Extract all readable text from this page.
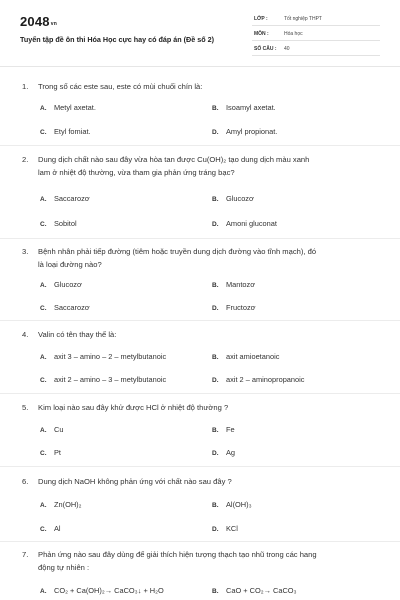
$2048^{vn}$
Tuyển tập đề ôn thi Hóa Học cực hay có đáp án (Đề số 2)
LỚP :	Tốt nghiệp THPT
MÔN :	Hóa học
SỐ CÂU : 40
1. Trong số các este sau, este có mùi chuối chín là:
A. Metyl axetat.	B. Isoamyl axetat.
C. Etyl fomiat.	D. Amyl propionat.
2. Dung dịch chất nào sau đây vừa hòa tan được Cu(OH)₂ tạo dung dịch màu xanh
lam ở nhiệt độ thường, vừa tham gia phản ứng tráng bạc?
A. Saccarozơ	B. Glucozơ
C. Sobitol	D. Amoni gluconat
3. Bệnh nhân phải tiếp đường (tiêm hoặc truyền dung dịch đường vào tĩnh mạch), đó
là loại đường nào?
A. Glucozơ	B. Mantozơ
C. Saccarozơ	D. Fructozơ
4. Valin có tên thay thế là:
A. axit 3 – amino – 2 – metylbutanoic	B. axit amioetanoic
C. axit 2 – amino – 3 – metylbutanoic	D. axit 2 – aminopropanoic
5. Kim loại nào sau đây khử được HCl ở nhiệt độ thường ?
A. Cu	B. Fe
C. Pt	D. Ag
6. Dung dịch NaOH không phản ứng với chất nào sau đây ?
A. Zn(OH)₂	B. Al(OH)₃
C. Al	D. KCl
7. Phản ứng nào sau đây dùng để giải thích hiện tượng thạch tạo nhũ trong các hang
động tự nhiên :
A. CO₂ + Ca(OH)₂→ CaCO₃↓ + H₂O	B. CaO + CO₂→ CaCO₃
